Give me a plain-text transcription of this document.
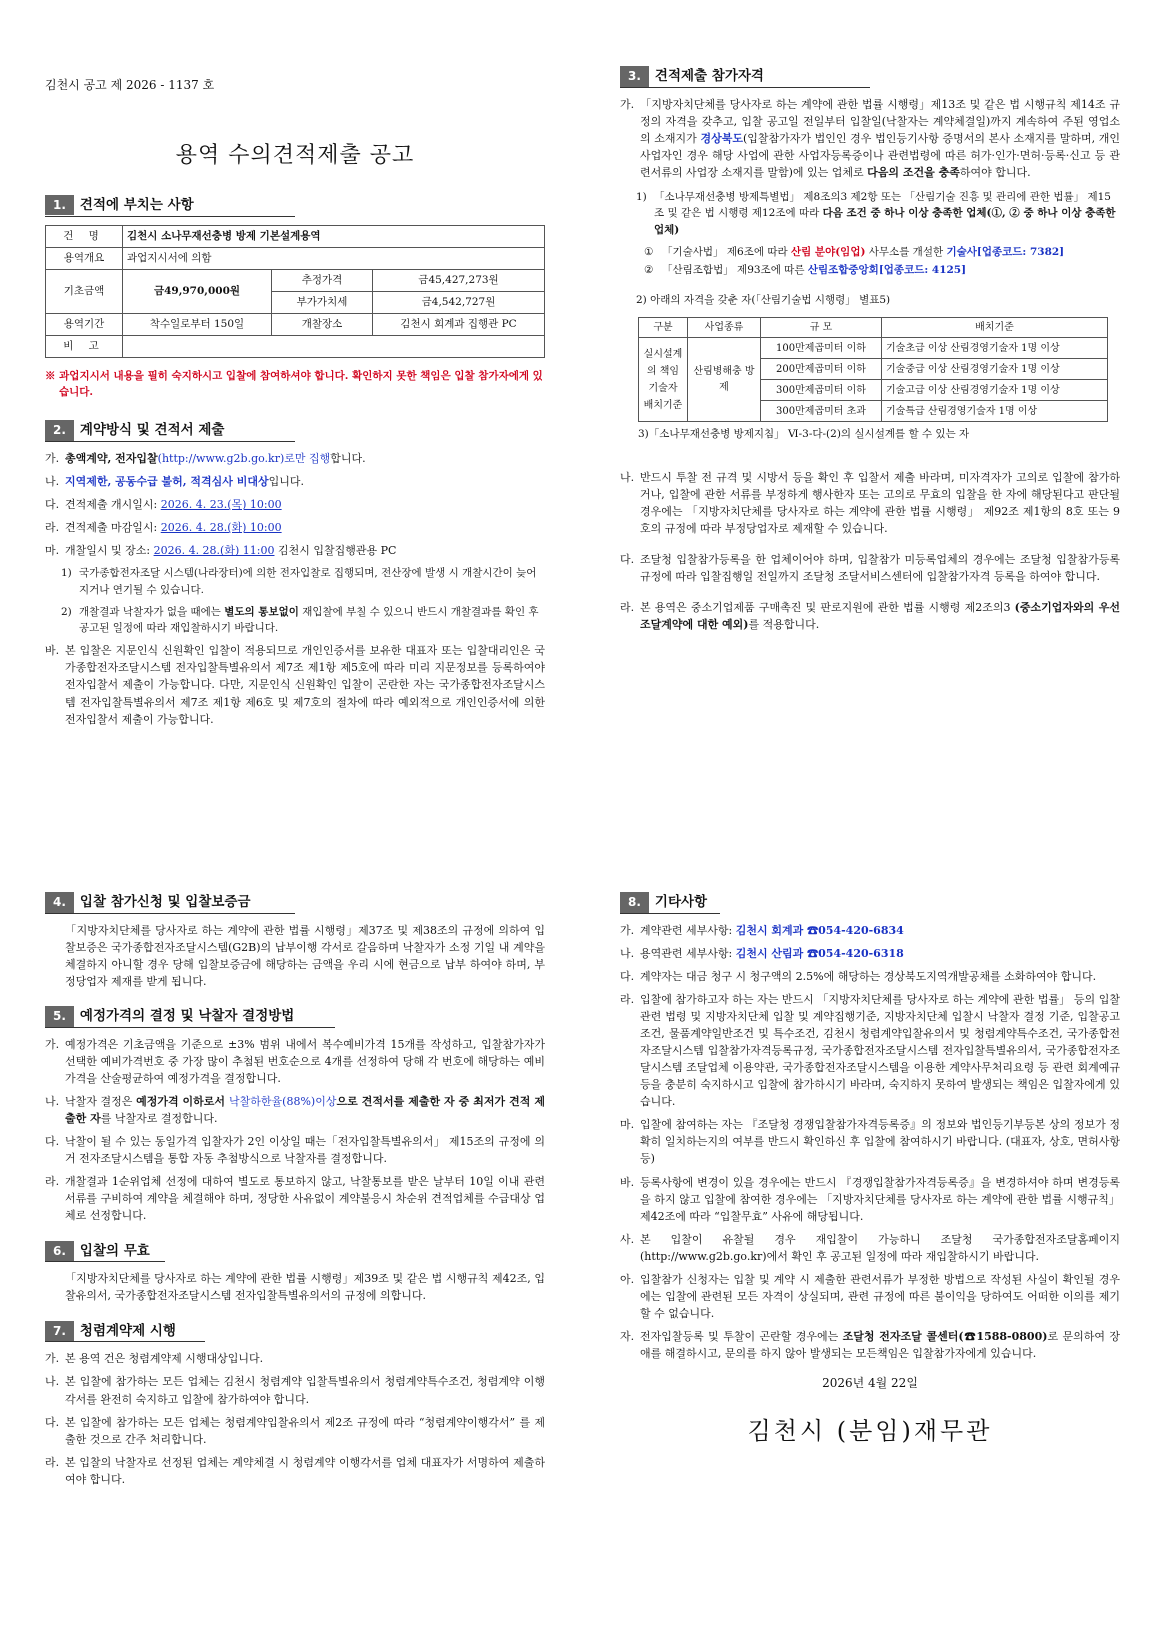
김천시 공고 제 2026 - 1137 호
용역 수의견적제출 공고
1.	견적에 부치는 사항
건 명	김천시 소나무재선충병 방제 기본설계용역		
용역개요	과업지시서에 의함		
기초금액	금49,970,000원	추정가격	금45,427,273원
		부가가치세	금4,542,727원
용역기간	착수일로부터 150일	개찰장소	김천시 회계과 집행관 PC
비 고			
※ 과업지시서 내용을 필히 숙지하시고 입찰에 참여하셔야 합니다. 확인하지 못한 책임은 입찰 참가자에게 있습니다.
2.	계약방식 및 견적서 제출
가. 총액계약, 전자입찰(http://www.g2b.go.kr)로만 집행합니다.
나. 지역제한, 공동수급 불허, 적격심사 비대상입니다.
다. 견적제출 개시일시: 2026. 4. 23.(목) 10:00
라. 견적제출 마감일시: 2026. 4. 28.(화) 10:00
마. 개찰일시 및 장소: 2026. 4. 28.(화) 11:00 김천시 입찰집행관용 PC
1) 국가종합전자조달 시스템(나라장터)에 의한 전자입찰로 집행되며, 전산장에 발생 시 개찰시간이 늦어지거나 연기될 수 있습니다.
2) 개찰결과 낙찰자가 없을 때에는 별도의 통보없이 재입찰에 부칠 수 있으니 반드시 개찰결과를 확인 후 공고된 일정에 따라 재입찰하시기 바랍니다.
바. 본 입찰은 지문인식 신원확인 입찰이 적용되므로 개인인증서를 보유한 대표자 또는 입찰대리인은 국가종합전자조달시스템 전자입찰특별유의서 제7조 제1항 제5호에 따라 미리 지문정보를 등록하여야 전자입찰서 제출이 가능합니다. 다만, 지문인식 신원확인 입찰이 곤란한 자는 국가종합전자조달시스템 전자입찰특별유의서 제7조 제1항 제6호 및 제7호의 절차에 따라 예외적으로 개인인증서에 의한 전자입찰서 제출이 가능합니다.
3.	견적제출 참가자격
가. 「지방자치단체를 당사자로 하는 계약에 관한 법률 시행령」제13조 및 같은 법 시행규칙 제14조 규정의 자격을 갖추고, 입찰 공고일 전일부터 입찰일(낙찰자는 계약체결일)까지 계속하여 주된 영업소의 소재지가 경상북도(입찰참가자가 법인인 경우 법인등기사항 증명서의 본사 소재지를 말하며, 개인사업자인 경우 해당 사업에 관한 사업자등록증이나 관련법령에 따른 허가·인가·면허·등록·신고 등 관련서류의 사업장 소재지를 말함)에 있는 업체로 다음의 조건을 충족하여야 합니다.
1) 「소나무재선충병 방제특별법」 제8조의3 제2항 또는 「산림기술 진흥 및 관리에 관한 법률」 제15조 및 같은 법 시행령 제12조에 따라 다음 조건 중 하나 이상 충족한 업체(①, ② 중 하나 이상 충족한 업체)
① 「기술사법」 제6조에 따라 산림 분야(임업) 사무소를 개설한 기술사[업종코드: 7382]
② 「산림조합법」 제93조에 따른 산림조합중앙회[업종코드: 4125]
2) 아래의 자격을 갖춘 자(「산림기술법 시행령」 별표5)
구분	사업종류	규 모	배치기준
실시설계의 책임 기술자 배치기준	산림병해충 방제	100만제곱미터 이하	기술초급 이상 산림경영기술자 1명 이상
		200만제곱미터 이하	기술중급 이상 산림경영기술자 1명 이상
		300만제곱미터 이하	기술고급 이상 산림경영기술자 1명 이상
		300만제곱미터 초과	기술특급 산림경영기술자 1명 이상
3)「소나무재선충병 방제지침」 Ⅵ-3-다-(2)의 실시설계를 할 수 있는 자
나. 반드시 투찰 전 규격 및 시방서 등을 확인 후 입찰서 제출 바라며, 미자격자가 고의로 입찰에 참가하거나, 입찰에 관한 서류를 부정하게 행사한자 또는 고의로 무효의 입찰을 한 자에 해당된다고 판단될 경우에는 「지방자치단체를 당사자로 하는 계약에 관한 법률 시행령」 제92조 제1항의 8호 또는 9호의 규정에 따라 부정당업자로 제재할 수 있습니다.
다. 조달청 입찰참가등록을 한 업체이어야 하며, 입찰참가 미등록업체의 경우에는 조달청 입찰참가등록규정에 따라 입찰집행일 전일까지 조달청 조달서비스센터에 입찰참가자격 등록을 하여야 합니다.
라. 본 용역은 중소기업제품 구매촉진 및 판로지원에 관한 법률 시행령 제2조의3 (중소기업자와의 우선 조달계약에 대한 예외)를 적용합니다.
4.	입찰 참가신청 및 입찰보증금
「지방자치단체를 당사자로 하는 계약에 관한 법률 시행령」제37조 및 제38조의 규정에 의하여 입찰보증은 국가종합전자조달시스템(G2B)의 납부이행 각서로 갈음하며 낙찰자가 소정 기일 내 계약을 체결하지 아니할 경우 당해 입찰보증금에 해당하는 금액을 우리 시에 현금으로 납부 하여야 하며, 부정당업자 제재를 받게 됩니다.
5.	예정가격의 결정 및 낙찰자 결정방법
가. 예정가격은 기초금액을 기준으로 ±3% 범위 내에서 복수예비가격 15개를 작성하고, 입찰참가자가 선택한 예비가격번호 중 가장 많이 추첨된 번호순으로 4개를 선정하여 당해 각 번호에 해당하는 예비가격을 산술평균하여 예정가격을 결정합니다.
나. 낙찰자 결정은 예정가격 이하로서 낙찰하한율(88%)이상으로 견적서를 제출한 자 중 최저가 견적 제출한 자를 낙찰자로 결정합니다.
다. 낙찰이 될 수 있는 동일가격 입찰자가 2인 이상일 때는「전자입찰특별유의서」 제15조의 규정에 의거 전자조달시스템을 통합 자동 추첨방식으로 낙찰자를 결정합니다.
라. 개찰결과 1순위업체 선정에 대하여 별도로 통보하지 않고, 낙찰통보를 받은 날부터 10일 이내 관련서류를 구비하여 계약을 체결해야 하며, 정당한 사유없이 계약불응시 차순위 견적업체를 수급대상 업체로 선정합니다.
6.	입찰의 무효
「지방자치단체를 당사자로 하는 계약에 관한 법률 시행령」제39조 및 같은 법 시행규칙 제42조, 입찰유의서, 국가종합전자조달시스템 전자입찰특별유의서의 규정에 의합니다.
7.	청렴계약제 시행
가. 본 용역 건은 청렴계약제 시행대상입니다.
나. 본 입찰에 참가하는 모든 업체는 김천시 청렴계약 입찰특별유의서 청렴계약특수조건, 청렴계약 이행각서를 완전히 숙지하고 입찰에 참가하여야 합니다.
다. 본 입찰에 참가하는 모든 업체는 청렴계약입찰유의서 제2조 규정에 따라 “청렴계약이행각서” 를 제출한 것으로 간주 처리합니다.
라. 본 입찰의 낙찰자로 선정된 업체는 계약체결 시 청렴계약 이행각서를 업체 대표자가 서명하여 제출하여야 합니다.
8.	기타사항
가. 계약관련 세부사항: 김천시 회계과 ☎054-420-6834
나. 용역관련 세부사항: 김천시 산림과 ☎054-420-6318
다. 계약자는 대금 청구 시 청구액의 2.5%에 해당하는 경상북도지역개발공채를 소화하여야 합니다.
라. 입찰에 참가하고자 하는 자는 반드시 「지방자치단체를 당사자로 하는 계약에 관한 법률」 등의 입찰관련 법령 및 지방자치단체 입찰 및 계약집행기준, 지방자치단체 입찰시 낙찰자 결정 기준, 입찰공고 조건, 물품계약일반조건 및 특수조건, 김천시 청렴계약입찰유의서 및 청렴계약특수조건, 국가종합전자조달시스템 입찰참가자격등록규정, 국가종합전자조달시스템 전자입찰특별유의서, 국가종합전자조달시스템 조달업체 이용약관, 국가종합전자조달시스템을 이용한 계약사무처리요령 등 관련 회계예규 등을 충분히 숙지하시고 입찰에 참가하시기 바라며, 숙지하지 못하여 발생되는 책임은 입찰자에게 있습니다.
마. 입찰에 참여하는 자는 『조달청 경쟁입찰참가자격등록증』의 정보와 법인등기부등본 상의 정보가 정확히 일치하는지의 여부를 반드시 확인하신 후 입찰에 참여하시기 바랍니다. (대표자, 상호, 면허사항 등)
바. 등록사항에 변경이 있을 경우에는 반드시 『경쟁입찰참가자격등록증』을 변경하셔야 하며 변경등록을 하지 않고 입찰에 참여한 경우에는 「지방자치단체를 당사자로 하는 계약에 관한 법률 시행규칙」제42조에 따라 “입찰무효” 사유에 해당됩니다.
사. 본 입찰이 유찰될 경우 재입찰이 가능하니 조달청 국가종합전자조달홈페이지(http://www.g2b.go.kr)에서 확인 후 공고된 일정에 따라 재입찰하시기 바랍니다.
아. 입찰참가 신청자는 입찰 및 계약 시 제출한 관련서류가 부정한 방법으로 작성된 사실이 확인될 경우에는 입찰에 관련된 모든 자격이 상실되며, 관련 규정에 따른 불이익을 당하여도 어떠한 이의를 제기할 수 없습니다.
자. 전자입찰등록 및 투찰이 곤란할 경우에는 조달청 전자조달 콜센터(☎1588-0800)로 문의하여 장애를 해결하시고, 문의를 하지 않아 발생되는 모든책임은 입찰참가자에게 있습니다.
2026년 4월 22일
김천시 (분임)재무관
